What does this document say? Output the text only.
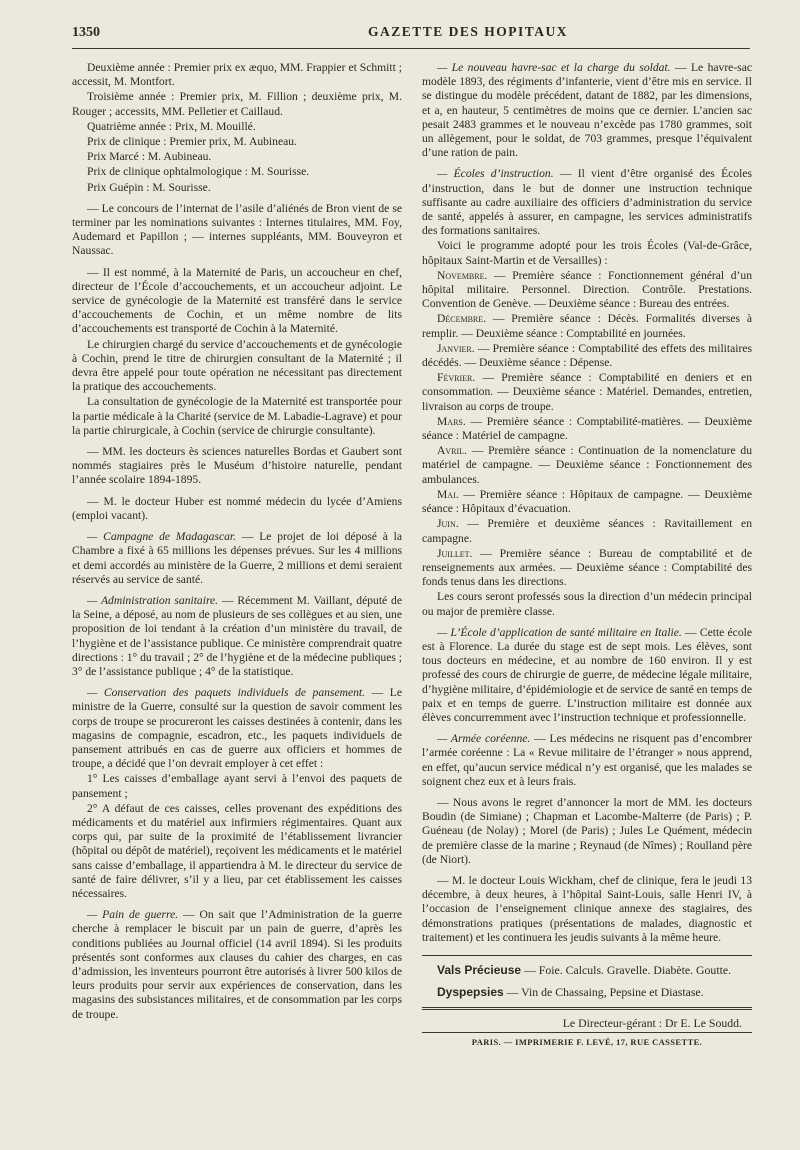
1350	GAZETTE DES HOPITAUX

Deuxième année : Premier prix ex æquo, MM. Frappier et Schmitt ; accessit, M. Montfort.

Troisième année : Premier prix, M. Fillion ; deuxième prix, M. Rouger ; accessits, MM. Pelletier et Caillaud.

Quatrième année : Prix, M. Mouillé.

Prix de clinique : Premier prix, M. Aubineau.

Prix Marcé : M. Aubineau.

Prix de clinique ophtalmologique : M. Sourisse.

Prix Guépin : M. Sourisse.

— Le concours de l’internat de l’asile d’aliénés de Bron vient de se terminer par les nominations suivantes : Internes titulaires, MM. Foy, Audemard et Papillon ; — internes suppléants, MM. Bouveyron et Naussac.

— Il est nommé, à la Maternité de Paris, un accoucheur en chef, directeur de l’École d’accouchements, et un accoucheur adjoint. Le service de gynécologie de la Maternité est transféré dans le service d’accouchements de Cochin, et un même nombre de lits d’accouchements est transporté de Cochin à la Maternité.

Le chirurgien chargé du service d’accouchements et de gynécologie à Cochin, prend le titre de chirurgien consultant de la Maternité ; il devra être appelé pour toute opération ne nécessitant pas directement la pratique des accouchements.

La consultation de gynécologie de la Maternité est transportée pour la partie médicale à la Charité (service de M. Labadie-Lagrave) et pour la partie chirurgicale, à Cochin (service de chirurgie consultante).

— MM. les docteurs ès sciences naturelles Bordas et Gaubert sont nommés stagiaires près le Muséum d’histoire naturelle, pendant l’année scolaire 1894-1895.

— M. le docteur Huber est nommé médecin du lycée d’Amiens (emploi vacant).

— Campagne de Madagascar. — Le projet de loi déposé à la Chambre a fixé à 65 millions les dépenses prévues. Sur les 4 millions et demi accordés au ministère de la Guerre, 2 millions et demi seraient réservés au service de santé.

— Administration sanitaire. — Récemment M. Vaillant, député de la Seine, a déposé, au nom de plusieurs de ses collègues et au sien, une proposition de loi tendant à la création d’un ministère du travail, de l’hygiène et de l’assistance publique. Ce ministère comprendrait quatre directions : 1° du travail ; 2° de l’hygiène et de la médecine publiques ; 3° de l’assistance publique ; 4° de la statistique.

— Conservation des paquets individuels de pansement. — Le ministre de la Guerre, consulté sur la question de savoir comment les corps de troupe se procureront les caisses destinées à contenir, dans les magasins de compagnie, escadron, etc., les paquets individuels de pansement attribués en cas de guerre aux officiers et hommes de troupe, a décidé que l’on devrait employer à cet effet :

1° Les caisses d’emballage ayant servi à l’envoi des paquets de pansement ;

2° A défaut de ces caisses, celles provenant des expéditions des médicaments et du matériel aux infirmiers régimentaires. Quant aux corps qui, par suite de la proximité de l’établissement livrancier (hôpital ou dépôt de matériel), reçoivent les médicaments et le matériel sans caisse d’emballage, il appartiendra à M. le directeur du service de santé de faire délivrer, s’il y a lieu, par cet établissement les caisses nécessaires.

— Pain de guerre. — On sait que l’Administration de la guerre cherche à remplacer le biscuit par un pain de guerre, d’après les conditions publiées au Journal officiel (14 avril 1894). Si les produits présentés sont conformes aux clauses du cahier des charges, en cas d’admission, les inventeurs pourront être autorisés à livrer 500 kilos de leurs produits pour servir aux expériences de conservation, dans les magasins des subsistances militaires, et de consommation par les corps de troupe.

— Le nouveau havre-sac et la charge du soldat. — Le havre-sac modèle 1893, des régiments d’infanterie, vient d’être mis en service. Il se distingue du modèle précédent, datant de 1882, par les dimensions, et a, en hauteur, 5 centimètres de moins que ce dernier. L’ancien sac pesait 2483 grammes et le nouveau n’excède pas 1780 grammes, soit un allègement, pour le soldat, de 703 grammes, presque l’équivalent d’une ration de pain.

— Écoles d’instruction. — Il vient d’être organisé des Écoles d’instruction, dans le but de donner une instruction technique suffisante au cadre auxiliaire des officiers d’administration du service de santé, appelés à assurer, en campagne, les services administratifs des formations sanitaires.

Voici le programme adopté pour les trois Écoles (Val-de-Grâce, hôpitaux Saint-Martin et de Versailles) :

Novembre. — Première séance : Fonctionnement général d’un hôpital militaire. Personnel. Direction. Contrôle. Prestations. Convention de Genève. — Deuxième séance : Bureau des entrées.

Décembre. — Première séance : Décès. Formalités diverses à remplir. — Deuxième séance : Comptabilité en journées.

Janvier. — Première séance : Comptabilité des effets des militaires décédés. — Deuxième séance : Dépense.

Février. — Première séance : Comptabilité en deniers et en consommation. — Deuxième séance : Matériel. Demandes, entretien, livraison au corps de troupe.

Mars. — Première séance : Comptabilité-matières. — Deuxième séance : Matériel de campagne.

Avril. — Première séance : Continuation de la nomenclature du matériel de campagne. — Deuxième séance : Fonctionnement des ambulances.

Mai. — Première séance : Hôpitaux de campagne. — Deuxième séance : Hôpitaux d’évacuation.

Juin. — Première et deuxième séances : Ravitaillement en campagne.

Juillet. — Première séance : Bureau de comptabilité et de renseignements aux armées. — Deuxième séance : Comptabilité des fonds tenus dans les directions.

Les cours seront professés sous la direction d’un médecin principal ou major de première classe.

— L’École d’application de santé militaire en Italie. — Cette école est à Florence. La durée du stage est de sept mois. Les élèves, sont tous docteurs en médecine, et au nombre de 160 environ. Il y est professé des cours de chirurgie de guerre, de médecine légale militaire, d’hygiène militaire, d’épidémiologie et de service de santé en temps de paix et en temps de guerre. L’instruction militaire est donnée aux élèves concurremment avec l’instruction technique et professionnelle.

— Armée coréenne. — Les médecins ne risquent pas d’encombrer l’armée coréenne : La « Revue militaire de l’étranger » nous apprend, en effet, qu’aucun service médical n’y est organisé, que les malades se soignent chez eux et à leurs frais.

— Nous avons le regret d’annoncer la mort de MM. les docteurs Boudin (de Simiane) ; Chapman et Lacombe-Malterre (de Paris) ; P. Guéneau (de Nolay) ; Morel (de Paris) ; Jules Le Quément, médecin de première classe de la marine ; Reynaud (de Nîmes) ; Roulland père (de Niort).

— M. le docteur Louis Wickham, chef de clinique, fera le jeudi 13 décembre, à deux heures, à l’hôpital Saint-Louis, salle Henri IV, à l’occasion de l’enseignement clinique annexe des stagiaires, des démonstrations pratiques (présentations de malades, diagnostic et traitement) et les continuera les jeudis suivants à la même heure.

Vals Précieuse — Foie. Calculs. Gravelle. Diabète. Goutte.

Dyspepsies — Vin de Chassaing, Pepsine et Diastase.

Le Directeur-gérant : Dr E. Le Soudd.
PARIS. — IMPRIMERIE F. LEVÉ, 17, RUE CASSETTE.
